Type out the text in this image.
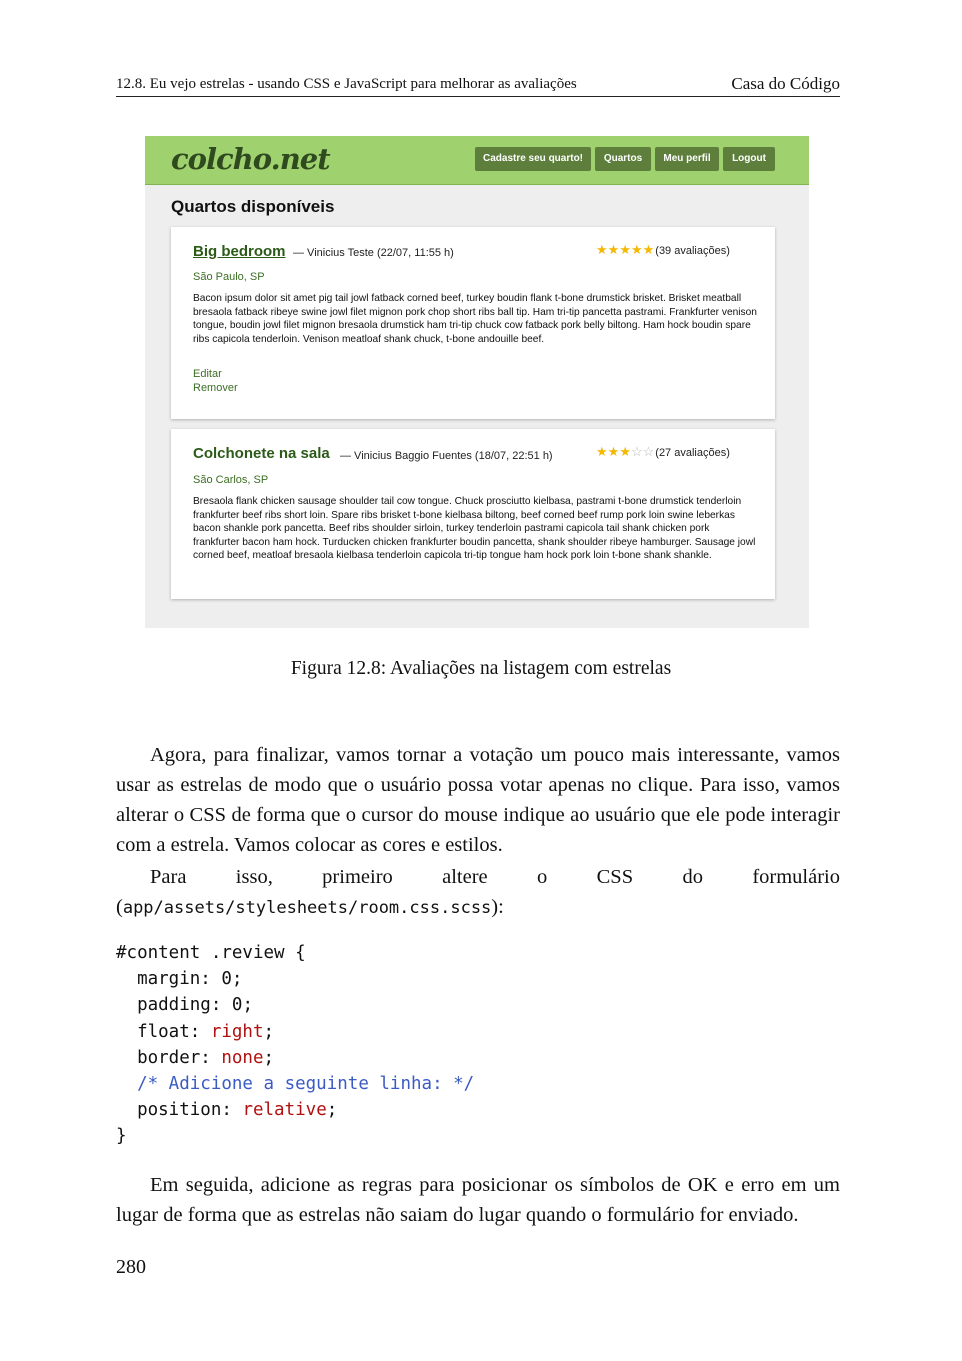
12.8. Eu vejo estrelas - usando CSS e JavaScript para melhorar as avaliações	Casa do Código
colcho.net	Cadastre seu quarto!	Quartos	Meu perfil	Logout
Quartos disponíveis
Big bedroom — Vinicius Teste (22/07, 11:55 h)	★★★★★(39 avaliações)
São Paulo, SP
Bacon ipsum dolor sit amet pig tail jowl fatback corned beef, turkey boudin flank t-bone drumstick brisket. Brisket meatball bresaola fatback ribeye swine jowl filet mignon pork chop short ribs ball tip. Ham tri-tip pancetta pastrami. Frankfurter venison tongue, boudin jowl filet mignon bresaola drumstick ham tri-tip chuck cow fatback pork belly biltong. Ham hock boudin spare ribs capicola tenderloin. Venison meatloaf shank chuck, t-bone andouille beef.
Editar
Remover
Colchonete na sala — Vinicius Baggio Fuentes (18/07, 22:51 h)	★★★☆☆(27 avaliações)
São Carlos, SP
Bresaola flank chicken sausage shoulder tail cow tongue. Chuck prosciutto kielbasa, pastrami t-bone drumstick tenderloin frankfurter beef ribs short loin. Spare ribs brisket t-bone kielbasa biltong, beef corned beef rump pork loin swine leberkas bacon shankle pork pancetta. Beef ribs shoulder sirloin, turkey tenderloin pastrami capicola tail shank chicken pork frankfurter bacon ham hock. Turducken chicken frankfurter boudin pancetta, shank shoulder ribeye hamburger. Sausage jowl corned beef, meatloaf bresaola kielbasa tenderloin capicola tri-tip tongue ham hock pork loin t-bone shank shankle.
Figura 12.8: Avaliações na listagem com estrelas

Agora, para finalizar, vamos tornar a votação um pouco mais interessante, vamos usar as estrelas de modo que o usuário possa votar apenas no clique. Para isso, vamos alterar o CSS de forma que o cursor do mouse indique ao usuário que ele pode interagir com a estrela. Vamos colocar as cores e estilos.

Para isso, primeiro altere o CSS do formulário (app/assets/stylesheets/room.css.scss):

#content .review {
margin: 0;
padding: 0;
float: right;
border: none;
/* Adicione a seguinte linha: */
position: relative;
}

Em seguida, adicione as regras para posicionar os símbolos de OK e erro em um lugar de forma que as estrelas não saiam do lugar quando o formulário for enviado.

280
